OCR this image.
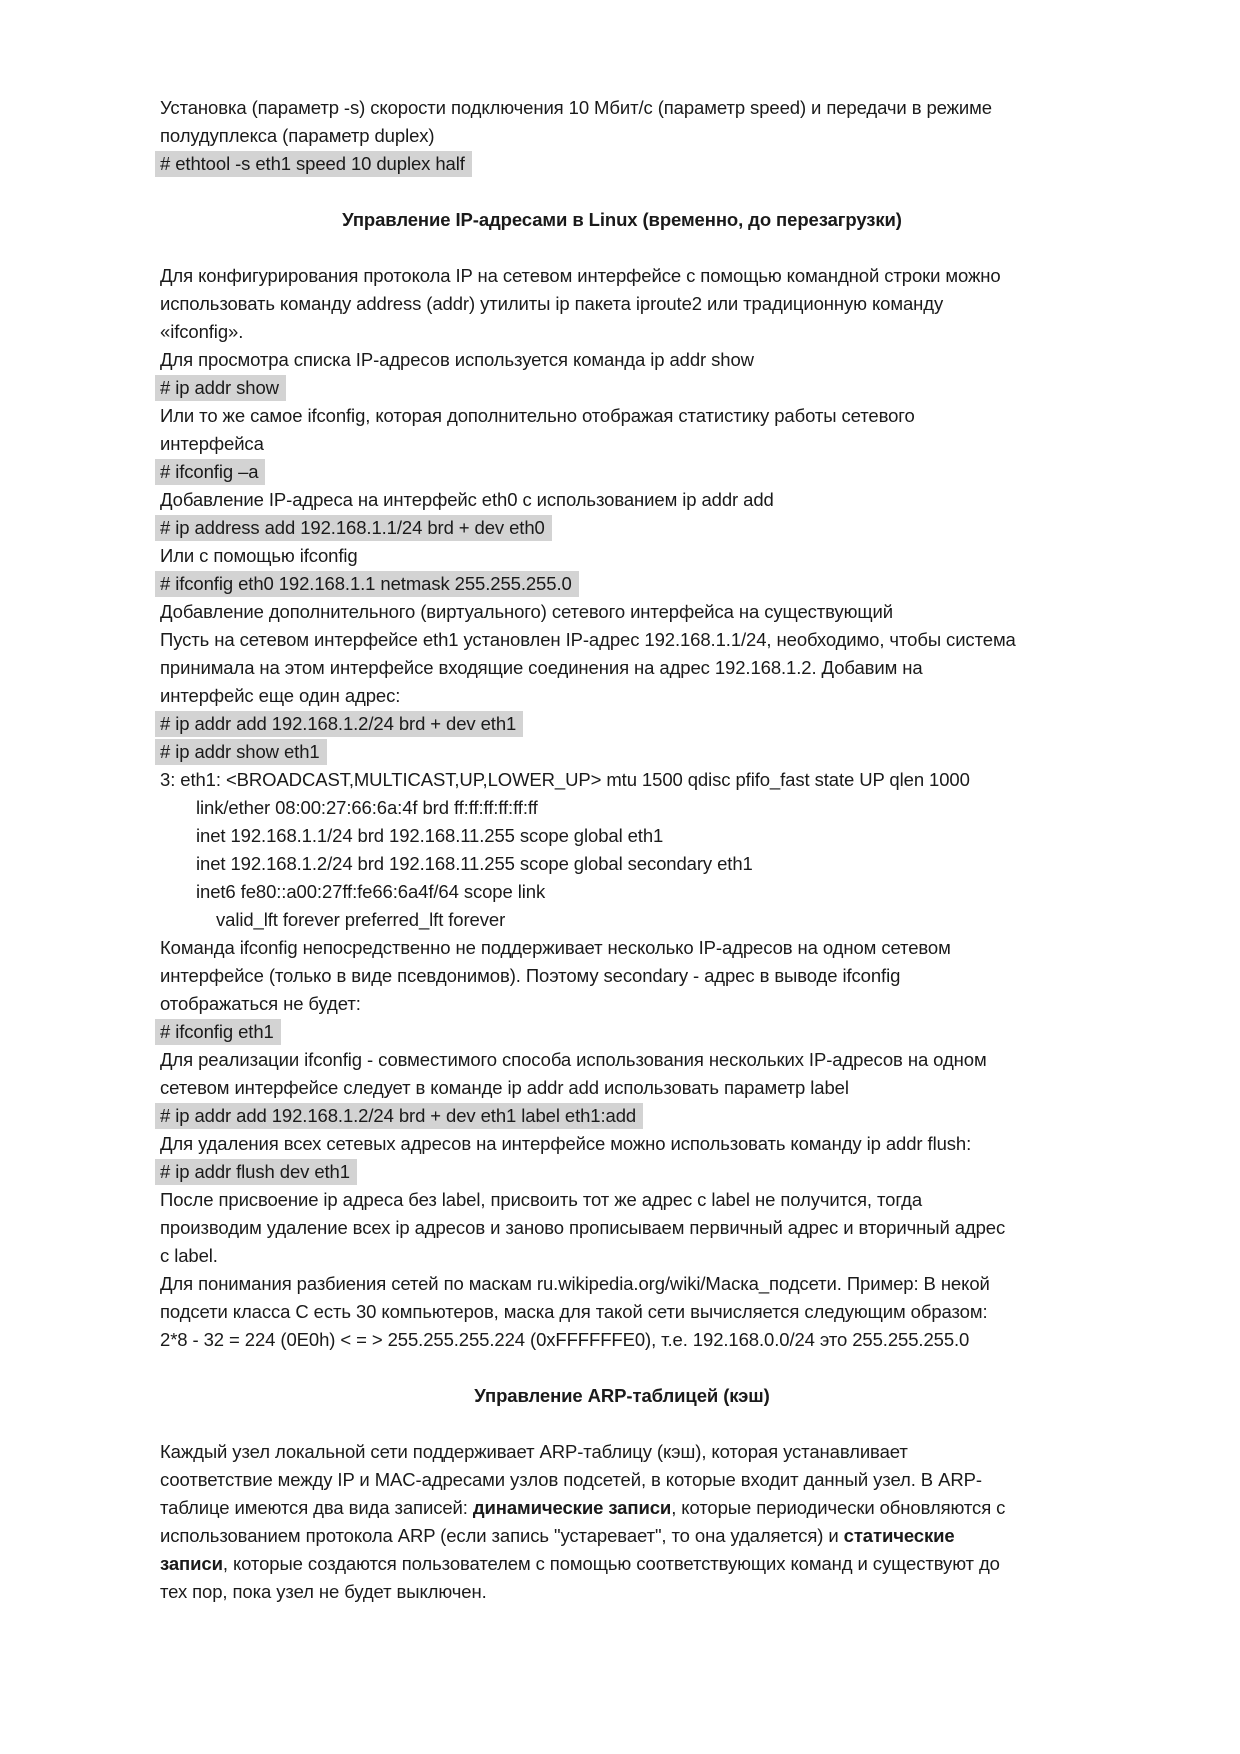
Установка (параметр -s) скорости подключения 10 Мбит/с (параметр speed) и передачи в режиме
полудуплекса (параметр duplex)
# ethtool -s eth1 speed 10 duplex half

Управление IP-адресами в Linux (временно, до перезагрузки)

Для конфигурирования протокола IP на сетевом интерфейсе с помощью командной строки можно
использовать команду address (addr) утилиты ip пакета iproute2 или традиционную команду
«ifconfig».
Для просмотра списка IP-адресов используется команда ip addr show
# ip addr show
Или то же самое ifconfig, которая дополнительно отображая статистику работы сетевого
интерфейса
# ifconfig –a
Добавление IP-адреса на интерфейс eth0 с использованием ip addr add
# ip address add 192.168.1.1/24 brd + dev eth0
Или с помощью ifconfig
# ifconfig eth0 192.168.1.1 netmask 255.255.255.0
Добавление дополнительного (виртуального) сетевого интерфейса на существующий
Пусть на сетевом интерфейсе eth1 установлен IP-адрес 192.168.1.1/24, необходимо, чтобы система
принимала на этом интерфейсе входящие соединения на адрес 192.168.1.2. Добавим на
интерфейс еще один адрес:
# ip addr add 192.168.1.2/24 brd + dev eth1
# ip addr show eth1
3: eth1: <BROADCAST,MULTICAST,UP,LOWER_UP> mtu 1500 qdisc pfifo_fast state UP qlen 1000
link/ether 08:00:27:66:6a:4f brd ff:ff:ff:ff:ff:ff
inet 192.168.1.1/24 brd 192.168.11.255 scope global eth1
inet 192.168.1.2/24 brd 192.168.11.255 scope global secondary eth1
inet6 fe80::a00:27ff:fe66:6a4f/64 scope link
valid_lft forever preferred_lft forever
Команда ifconfig непосредственно не поддерживает несколько IP-адресов на одном сетевом
интерфейсе (только в виде псевдонимов). Поэтому secondary - адрес в выводе ifconfig
отображаться не будет:
# ifconfig eth1
Для реализации ifconfig - совместимого способа использования нескольких IP-адресов на одном
сетевом интерфейсе следует в команде ip addr add использовать параметр label
# ip addr add 192.168.1.2/24 brd + dev eth1 label eth1:add
Для удаления всех сетевых адресов на интерфейсе можно использовать команду ip addr flush:
# ip addr flush dev eth1
После присвоение ip адреса без label, присвоить тот же адрес с label не получится, тогда
производим удаление всех ip адресов и заново прописываем первичный адрес и вторичный адрес
с label.
Для понимания разбиения сетей по маскам ru.wikipedia.org/wiki/Маска_подсети. Пример: В некой
подсети класса C есть 30 компьютеров, маска для такой сети вычисляется следующим образом:
2*8 - 32 = 224 (0E0h) < = > 255.255.255.224 (0xFFFFFFE0), т.е. 192.168.0.0/24 это 255.255.255.0

Управление ARP-таблицей (кэш)

Каждый узел локальной сети поддерживает ARP-таблицу (кэш), которая устанавливает
соответствие между IP и MAC-адресами узлов подсетей, в которые входит данный узел. В ARP-
таблице имеются два вида записей: динамические записи, которые периодически обновляются с
использованием протокола ARP (если запись "устаревает", то она удаляется) и статические
записи, которые создаются пользователем с помощью соответствующих команд и существуют до
тех пор, пока узел не будет выключен.
